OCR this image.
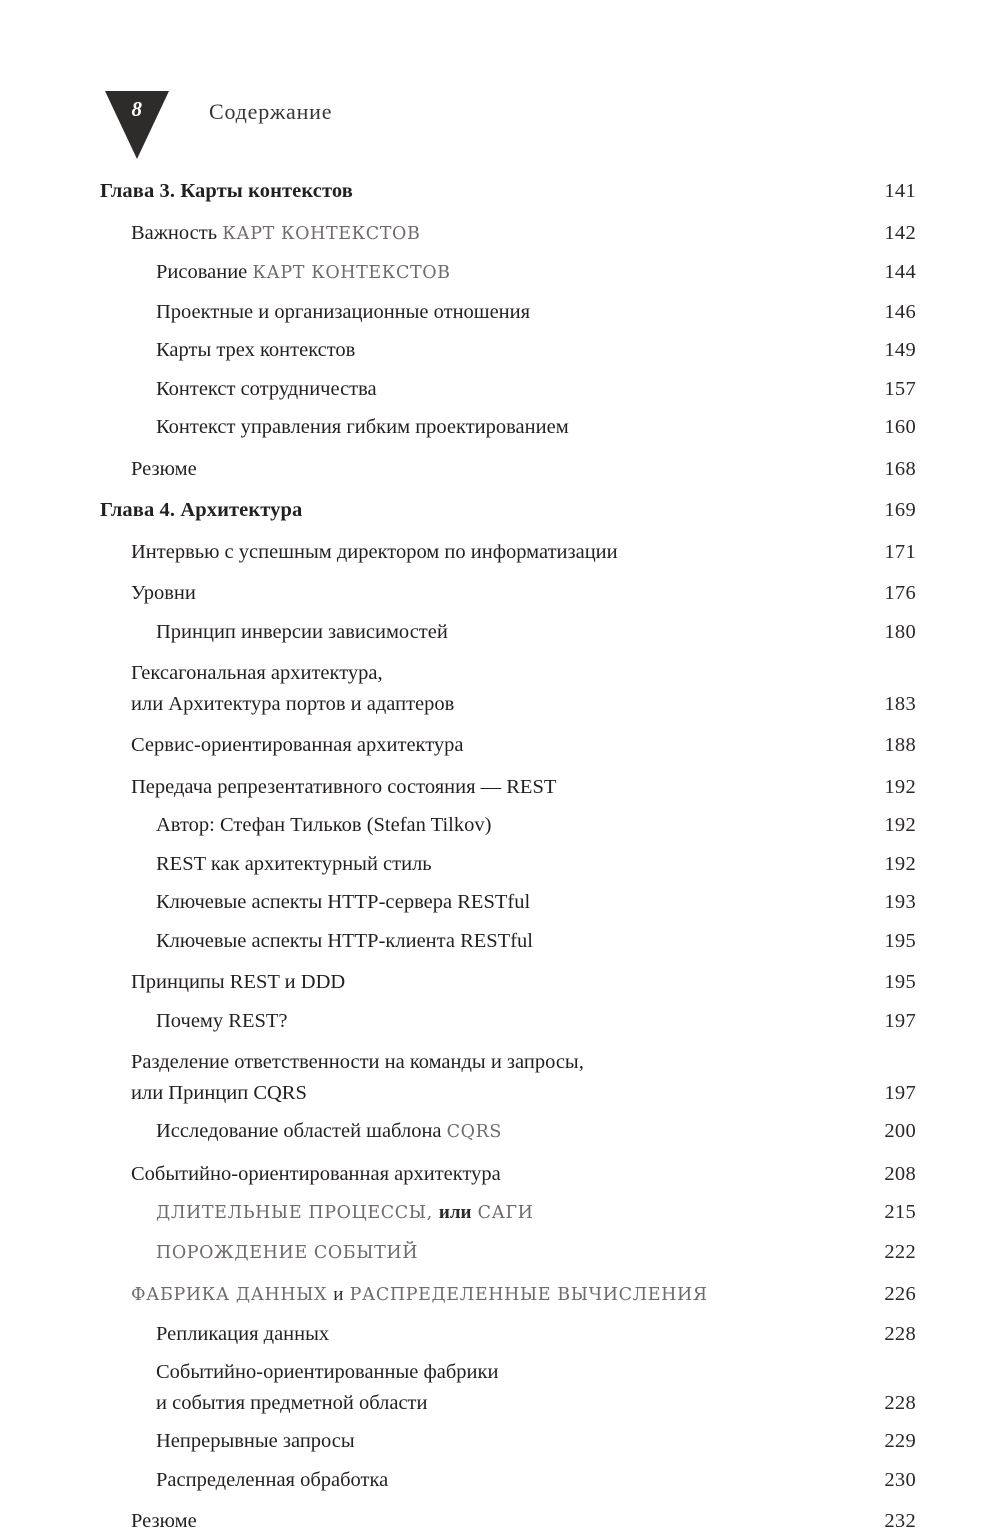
8	Содержание
Глава 3. Карты контекстов	141
Важность КАРТ КОНТЕКСТОВ	142
Рисование КАРТ КОНТЕКСТОВ	144
Проектные и организационные отношения	146
Карты трех контекстов	149
Контекст сотрудничества	157
Контекст управления гибким проектированием	160
Резюме	168
Глава 4. Архитектура	169
Интервью с успешным директором по информатизации	171
Уровни	176
Принцип инверсии зависимостей	180
Гексагональная архитектура,
или Архитектура портов и адаптеров	183
Сервис-ориентированная архитектура	188
Передача репрезентативного состояния — REST	192
Автор: Стефан Тильков (Stefan Tilkov)	192
REST как архитектурный стиль	192
Ключевые аспекты HTTP-сервера RESTful	193
Ключевые аспекты HTTP-клиента RESTful	195
Принципы REST и DDD	195
Почему REST?	197
Разделение ответственности на команды и запросы,
или Принцип CQRS	197
Исследование областей шаблона CQRS	200
Событийно-ориентированная архитектура	208
ДЛИТЕЛЬНЫЕ ПРОЦЕССЫ, или САГИ	215
ПОРОЖДЕНИЕ СОБЫТИЙ	222
ФАБРИКА ДАННЫХ и РАСПРЕДЕЛЕННЫЕ ВЫЧИСЛЕНИЯ	226
Репликация данных	228
Событийно-ориентированные фабрики
и события предметной области	228
Непрерывные запросы	229
Распределенная обработка	230
Резюме	232
